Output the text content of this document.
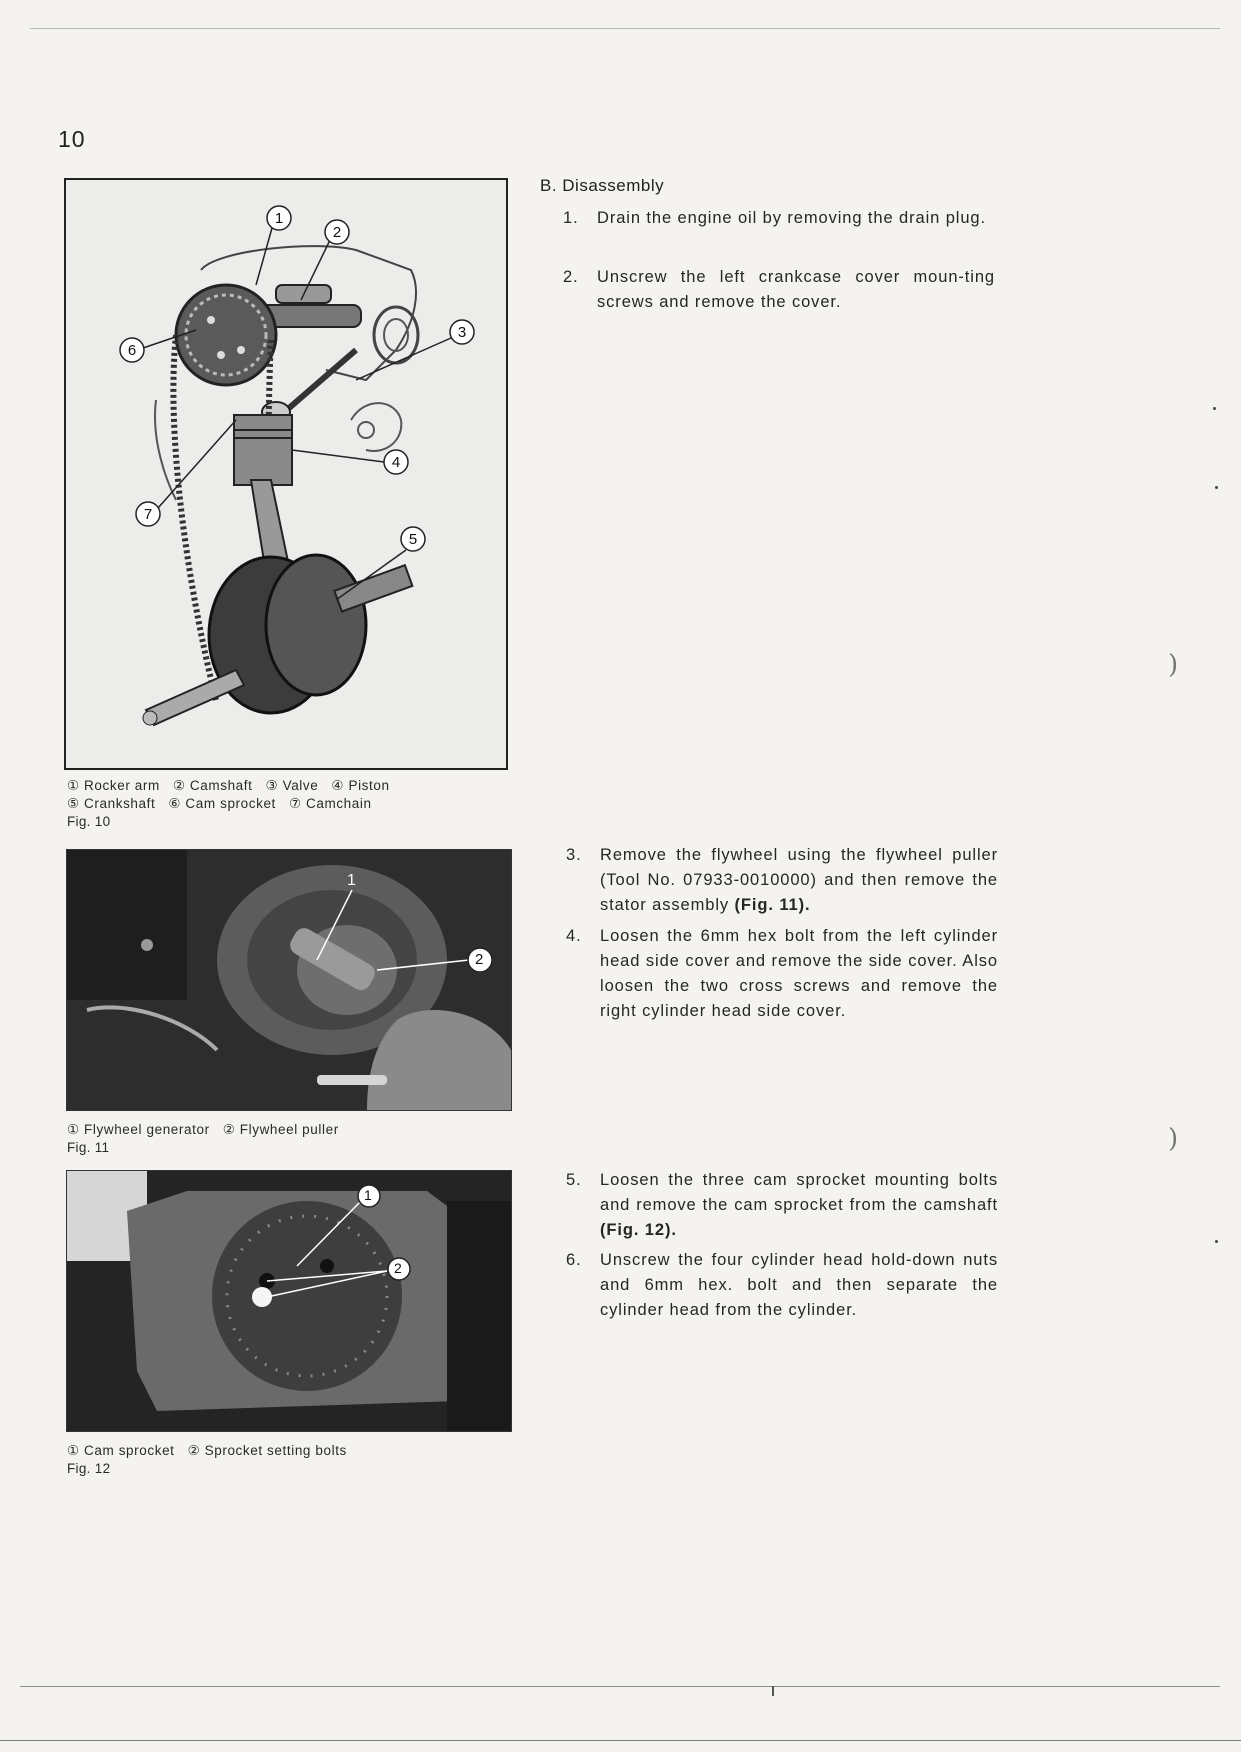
10
1
2
3
4
5
6
7
① Rocker arm   ② Camshaft   ③ Valve   ④ Piston
⑤ Crankshaft   ⑥ Cam sprocket   ⑦ Camchain
Fig. 10
1
2
① Flywheel generator   ② Flywheel puller
Fig. 11
1
2
① Cam sprocket   ② Sprocket setting bolts
Fig. 12
B. Disassembly
1. Drain the engine oil by removing the drain plug.
2. Unscrew the left crankcase cover moun-ting screws and remove the cover.
3. Remove the flywheel using the flywheel puller (Tool No. 07933-0010000) and then remove the stator assembly (Fig. 11).
4. Loosen the 6mm hex bolt from the left cylinder head side cover and remove the side cover. Also loosen the two cross screws and remove the right cylinder head side cover.
5. Loosen the three cam sprocket mounting bolts and remove the cam sprocket from the camshaft (Fig. 12).
6. Unscrew the four cylinder head hold-down nuts and 6mm hex. bolt and then separate the cylinder head from the cylinder.
)
)
